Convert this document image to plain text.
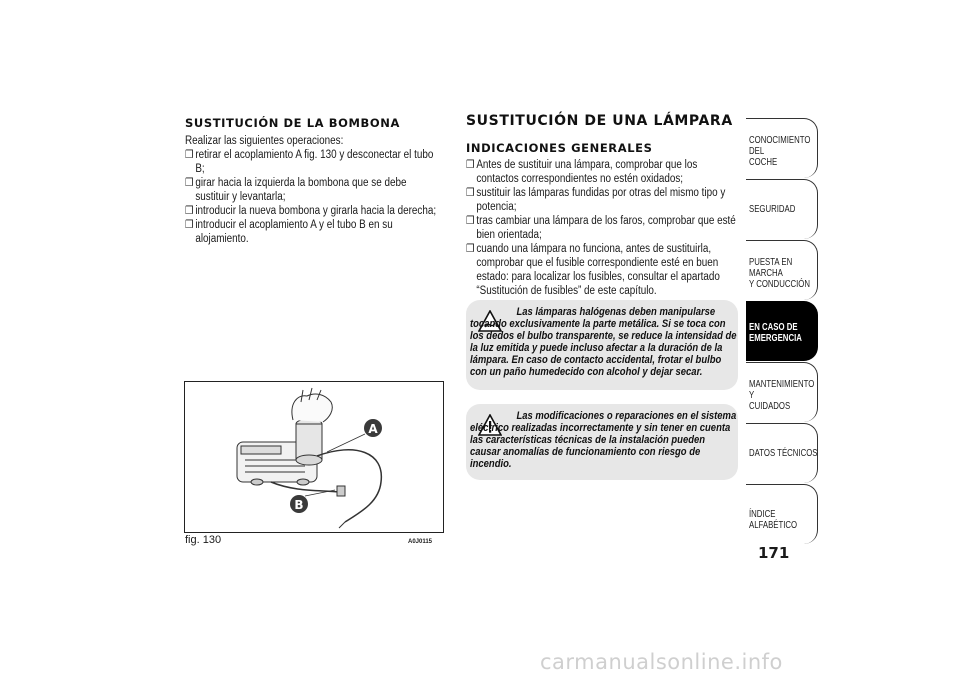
SUSTITUCIÓN DE LA BOMBONA
Realizar las siguientes operaciones:
❒ retirar el acoplamiento A fig. 130 y desconectar el tubo B;
❒ girar hacia la izquierda la bombona que se debe sustituir y levantarla;
❒ introducir la nueva bombona y girarla hacia la derecha;
❒ introducir el acoplamiento A y el tubo B en su alojamiento.
A
B
fig. 130	A0J0115
SUSTITUCIÓN DE UNA LÁMPARA
INDICACIONES GENERALES
❒ Antes de sustituir una lámpara, comprobar que los contactos correspondientes no estén oxidados;
❒ sustituir las lámparas fundidas por otras del mismo tipo y potencia;
❒ tras cambiar una lámpara de los faros, comprobar que esté bien orientada;
❒ cuando una lámpara no funciona, antes de sustituirla, comprobar que el fusible correspondiente esté en buen estado: para localizar los fusibles, consultar el apartado “Sustitución de fusibles” de este capítulo.
Las lámparas halógenas deben manipularse tocando exclusivamente la parte metálica. Si se toca con los dedos el bulbo transparente, se reduce la intensidad de la luz emitida y puede incluso afectar a la duración de la lámpara. En caso de contacto accidental, frotar el bulbo con un paño humedecido con alcohol y dejar secar.
Las modificaciones o reparaciones en el sistema eléctrico realizadas incorrectamente y sin tener en cuenta las características técnicas de la instalación pueden causar anomalías de funcionamiento con riesgo de incendio.
CONOCIMIENTO DEL
COCHE
SEGURIDAD
PUESTA EN MARCHA
Y CONDUCCIÓN
EN CASO DE
EMERGENCIA
MANTENIMIENTO Y
CUIDADOS
DATOS TÉCNICOS
ÍNDICE ALFABÉTICO
171
carmanualsonline.info
